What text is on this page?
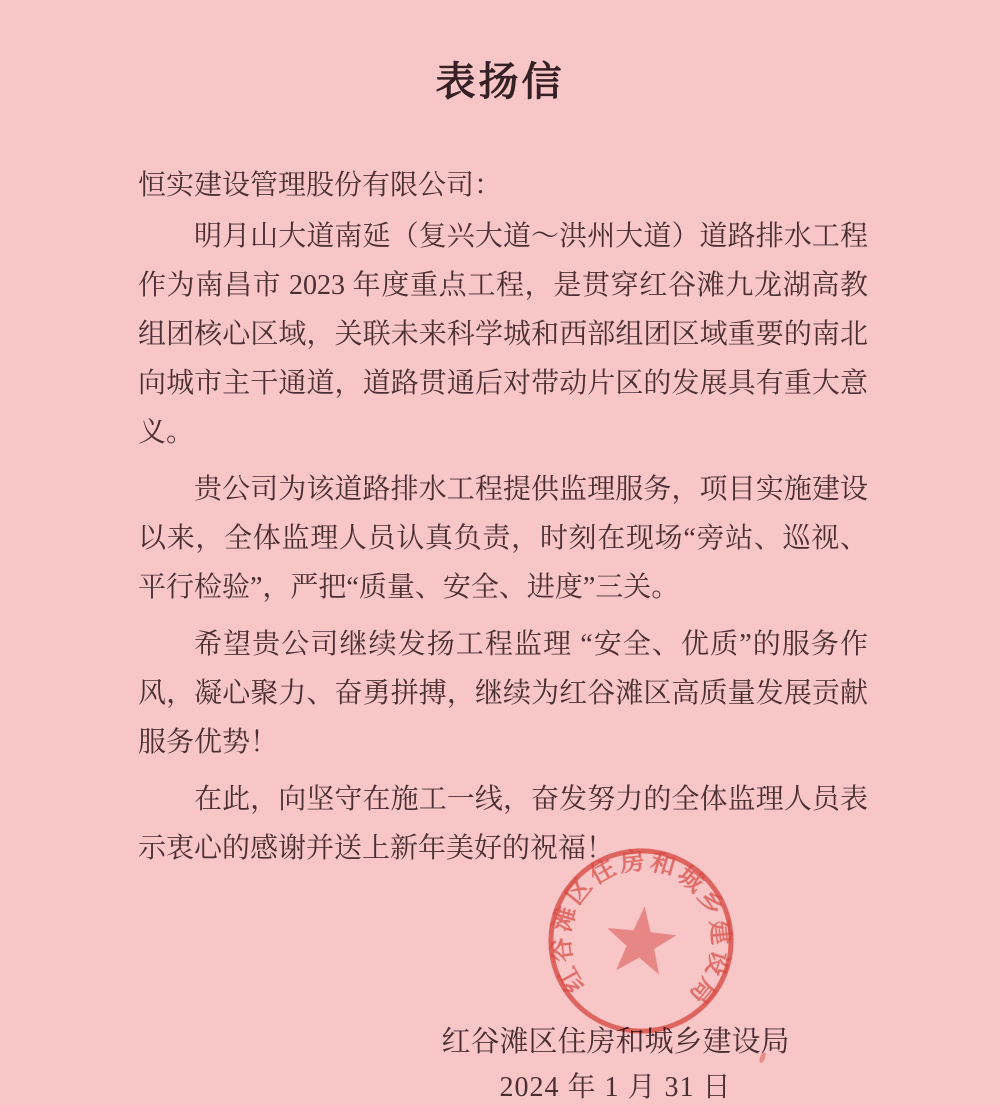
表扬信

恒实建设管理股份有限公司：

明月山大道南延（复兴大道～洪州大道）道路排水工程作为南昌市 2023 年度重点工程，是贯穿红谷滩九龙湖高教组团核心区域，关联未来科学城和西部组团区域重要的南北向城市主干通道，道路贯通后对带动片区的发展具有重大意义。

贵公司为该道路排水工程提供监理服务，项目实施建设以来，全体监理人员认真负责，时刻在现场“旁站、巡视、平行检验”，严把“质量、安全、进度”三关。

希望贵公司继续发扬工程监理 “安全、优质”的服务作风，凝心聚力、奋勇拼搏，继续为红谷滩区高质量发展贡献服务优势！

在此，向坚守在施工一线，奋发努力的全体监理人员表示衷心的感谢并送上新年美好的祝福！

红谷滩区住房和城乡建设局
2024 年 1 月 31 日
红谷滩区住房和城乡建设局
